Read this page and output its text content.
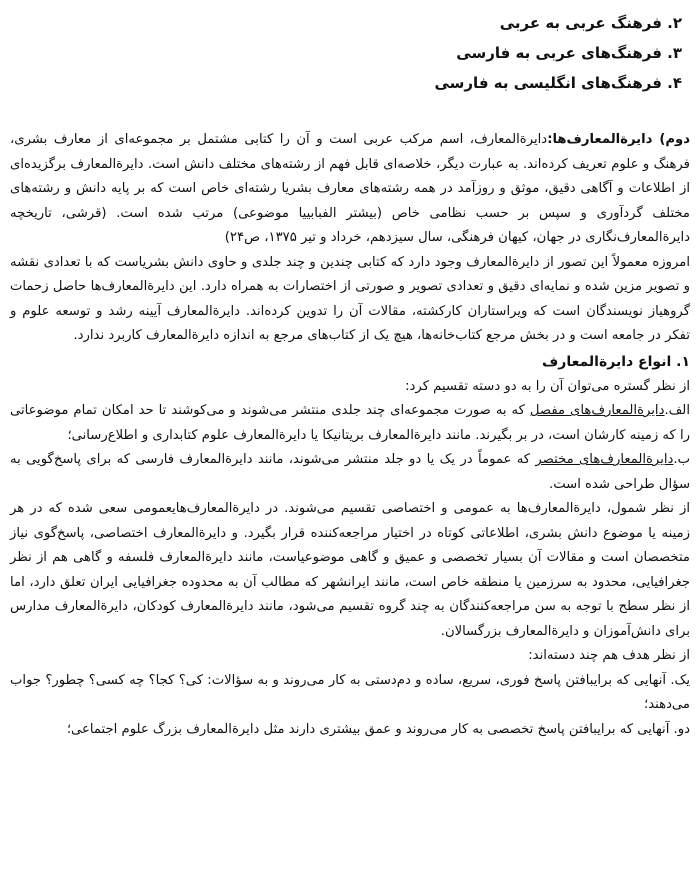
۲. فرهنگ عربی به عربی
۳. فرهنگ‌های عربی به فارسی
۴. فرهنگ‌های انگلیسی به فارسی

دوم) دایرةالمعارف‌ها:دایرةالمعارف، اسم مرکب عربی است و آن را کتابی مشتمل بر مجموعه‌ای از معارف بشری، فرهنگ و علوم تعریف کرده‌اند. به عبارت دیگر، خلاصه‌ای قابل فهم از رشته‌های مختلف دانش است. دایرةالمعارف برگزیده‌ای از اطلاعات و آگاهی دقیق، موثق و روزآمد در همه رشته‌های معارف بشریا رشته‌ای خاص است که بر پایه دانش و رشته‌های مختلف گردآوری و سپس بر حسب نظامی خاص (بیشتر الفبابییا موضوعی) مرتب شده است. (قرشی، تاریخچه دایرةالمعارف‌نگاری در جهان، کیهان فرهنگی، سال سیزدهم، خرداد و تیر ۱۳۷۵، ص۲۴)

امروزه معمولاً این تصور از دایرةالمعارف وجود دارد که کتابی چندین و چند جلدی و حاوی دانش بشریاست که با تعدادی نقشه و تصویر مزین شده و نمایه‌ای دقیق و تعدادی تصویر و صورتی از اختصارات به همراه دارد. این دایرةالمعارف‌ها حاصل زحمات گروهیاز نویسندگان است که ویراستاران کارکشته، مقالات آن را تدوین کرده‌اند. دایرةالمعارف آیینه رشد و توسعه علوم و تفکر در جامعه است و در بخش مرجع کتاب‌خانه‌ها، هیچ یک از کتاب‌های مرجع به اندازه دایرةالمعارف کاربرد ندارد.

۱. انواع دایرةالمعارف

از نظر گستره می‌توان آن را به دو دسته تقسیم کرد:

الف.دایرةالمعارف‌های مفصل که به صورت مجموعه‌ای چند جلدی منتشر می‌شوند و می‌کوشند تا حد امکان تمام موضوعاتی را که زمینه کارشان است، در بر بگیرند. مانند دایرةالمعارف بریتانیکا یا دایرةالمعارف علوم کتابداری و اطلاع‌رسانی؛

ب.دایرةالمعارف‌های مختصر که عموماً در یک یا دو جلد منتشر می‌شوند، مانند دایرةالمعارف فارسی که برای پاسخ‌گویی به سؤال طراحی شده است.

از نظر شمول، دایرةالمعارف‌ها به عمومی و اختصاصی تقسیم می‌شوند. در دایرةالمعارف‌هایعمومی سعی شده که در هر زمینه یا موضوع دانش بشری، اطلاعاتی کوتاه در اختیار مراجعه‌کننده قرار بگیرد. و دایرةالمعارف اختصاصی، پاسخ‌گوی نیاز متخصصان است و مقالات آن بسیار تخصصی و عمیق و گاهی موضوعیاست، مانند دایرةالمعارف فلسفه و گاهی هم از نظر جغرافیایی، محدود به سرزمین یا منطقه خاص است، مانند ایرانشهر که مطالب آن به محدوده جغرافیایی ایران تعلق دارد، اما از نظر سطح با توجه به سن مراجعه‌کنندگان به چند گروه تقسیم می‌شود، مانند دایرةالمعارف کودکان، دایرةالمعارف مدارس برای دانش‌آموزان و دایرةالمعارف بزرگسالان.

از نظر هدف هم چند دسته‌اند:

یک. آنهایی که برایبافتن پاسخ فوری، سریع، ساده و دم‌دستی به کار می‌روند و به سؤالات: کی؟ کجا؟ چه کسی؟ چطور؟ جواب می‌دهند؛

دو. آنهایی که برایبافتن پاسخ تخصصی به کار می‌روند و عمق بیشتری دارند مثل دایرةالمعارف بزرگ علوم اجتماعی؛
